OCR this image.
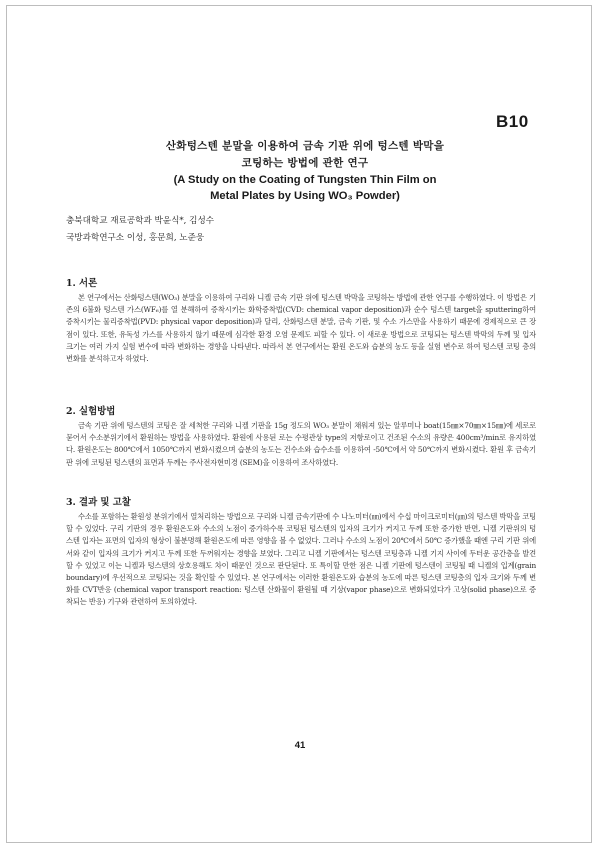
B10
산화텅스텐 분말을 이용하여 금속 기판 위에 텅스텐 박막을
코팅하는 방법에 관한 연구
(A Study on the Coating of Tungsten Thin Film on
Metal Plates by Using WO₃ Powder)
충북대학교 재료공학과 박윤식*, 김성수
국방과학연구소 이성, 홍문희, 노준웅
1. 서론
본 연구에서는 산화텅스텐(WO₃) 분말을 이용하여 구리와 니켈 금속 기판 위에 텅스텐 박막을 코팅하는 방법에 관한 연구를 수행하였다. 이 방법은 기존의 6불화 텅스텐 가스(WF₆)를 열 분해하여 증착시키는 화학증착법(CVD: chemical vapor deposition)과 순수 텅스텐 target을 sputtering하여 증착시키는 물리증착법(PVD: physical vapor deposition)과 달리, 산화텅스텐 분말, 금속 기판, 및 수소 가스만을 사용하기 때문에 경제적으로 큰 장점이 있다. 또한, 유독성 가스를 사용하지 않기 때문에 심각한 환경 오염 문제도 피할 수 있다. 이 새로운 방법으로 코팅되는 텅스텐 박막의 두께 및 입자 크기는 여러 가지 실험 변수에 따라 변화하는 경향을 나타낸다. 따라서 본 연구에서는 환원 온도와 습분의 농도 등을 실험 변수로 하여 텅스텐 코팅 층의 변화를 분석하고자 하였다.
2. 실험방법
금속 기판 위에 텅스텐의 코팅은 잘 세척한 구리와 니켈 기판을 15g 정도의 WO₃ 분말이 채워져 있는 알루미나 boat(15㎜×70㎜×15㎜)에 세로로 묻어서 수소분위기에서 환원하는 방법을 사용하였다. 환원에 사용된 로는 수평관상 type의 저항로이고 건조된 수소의 유량은 400cm³/min로 유지하였다. 환원온도는 800℃에서 1050℃까지 변화시켰으며 습분의 농도는 건수소와 습수소를 이용하여 -50℃에서 약 50℃까지 변화시켰다. 환원 후 금속기판 위에 코팅된 텅스텐의 표면과 두께는 주사전자현미경 (SEM)을 이용하여 조사하였다.
3. 결과 및 고찰
수소를 포함하는 환원성 분위기에서 열처리하는 방법으로 구리와 니켈 금속기판에 수 나노미터(㎚)에서 수십 마이크로미터(㎛)의 텅스텐 박막을 코팅할 수 있었다. 구리 기판의 경우 환원온도와 수소의 노점이 증가하수록 코팅된 텅스텐의 입자의 크기가 커지고 두께 또한 증가한 반면, 니켈 기판위의 텅스텐 입자는 표면의 입자의 형상이 불분명해 환원온도에 따른 영향을 볼 수 없었다. 그러나 수소의 노점이 20℃에서 50℃ 증가했을 때엔 구리 기판 위에서와 같이 입자의 크기가 커지고 두께 또한 두꺼워지는 경향을 보였다. 그리고 니켈 기판에서는 텅스텐 코팅층과 니켈 기지 사이에 두터운 공간층을 발견할 수 있었고 이는 니켈과 텅스텐의 상호용해도 차이 때문인 것으로 판단된다. 또 특이할 만한 점은 니켈 기판에 텅스텐이 코팅될 때 니켈의 입계(grain boundary)에 우선적으로 코팅되는 것을 확인할 수 있었다. 본 연구에서는 이러한 환원온도와 습분의 농도에 따른 텅스텐 코팅층의 입자 크기와 두께 변화를 CVT반응 (chemical vapor transport reaction: 텅스텐 산화물이 환원될 때 기상(vapor phase)으로 변화되었다가 고상(solid phase)으로 증착되는 반응) 기구와 관련하여 토의하였다.
41
